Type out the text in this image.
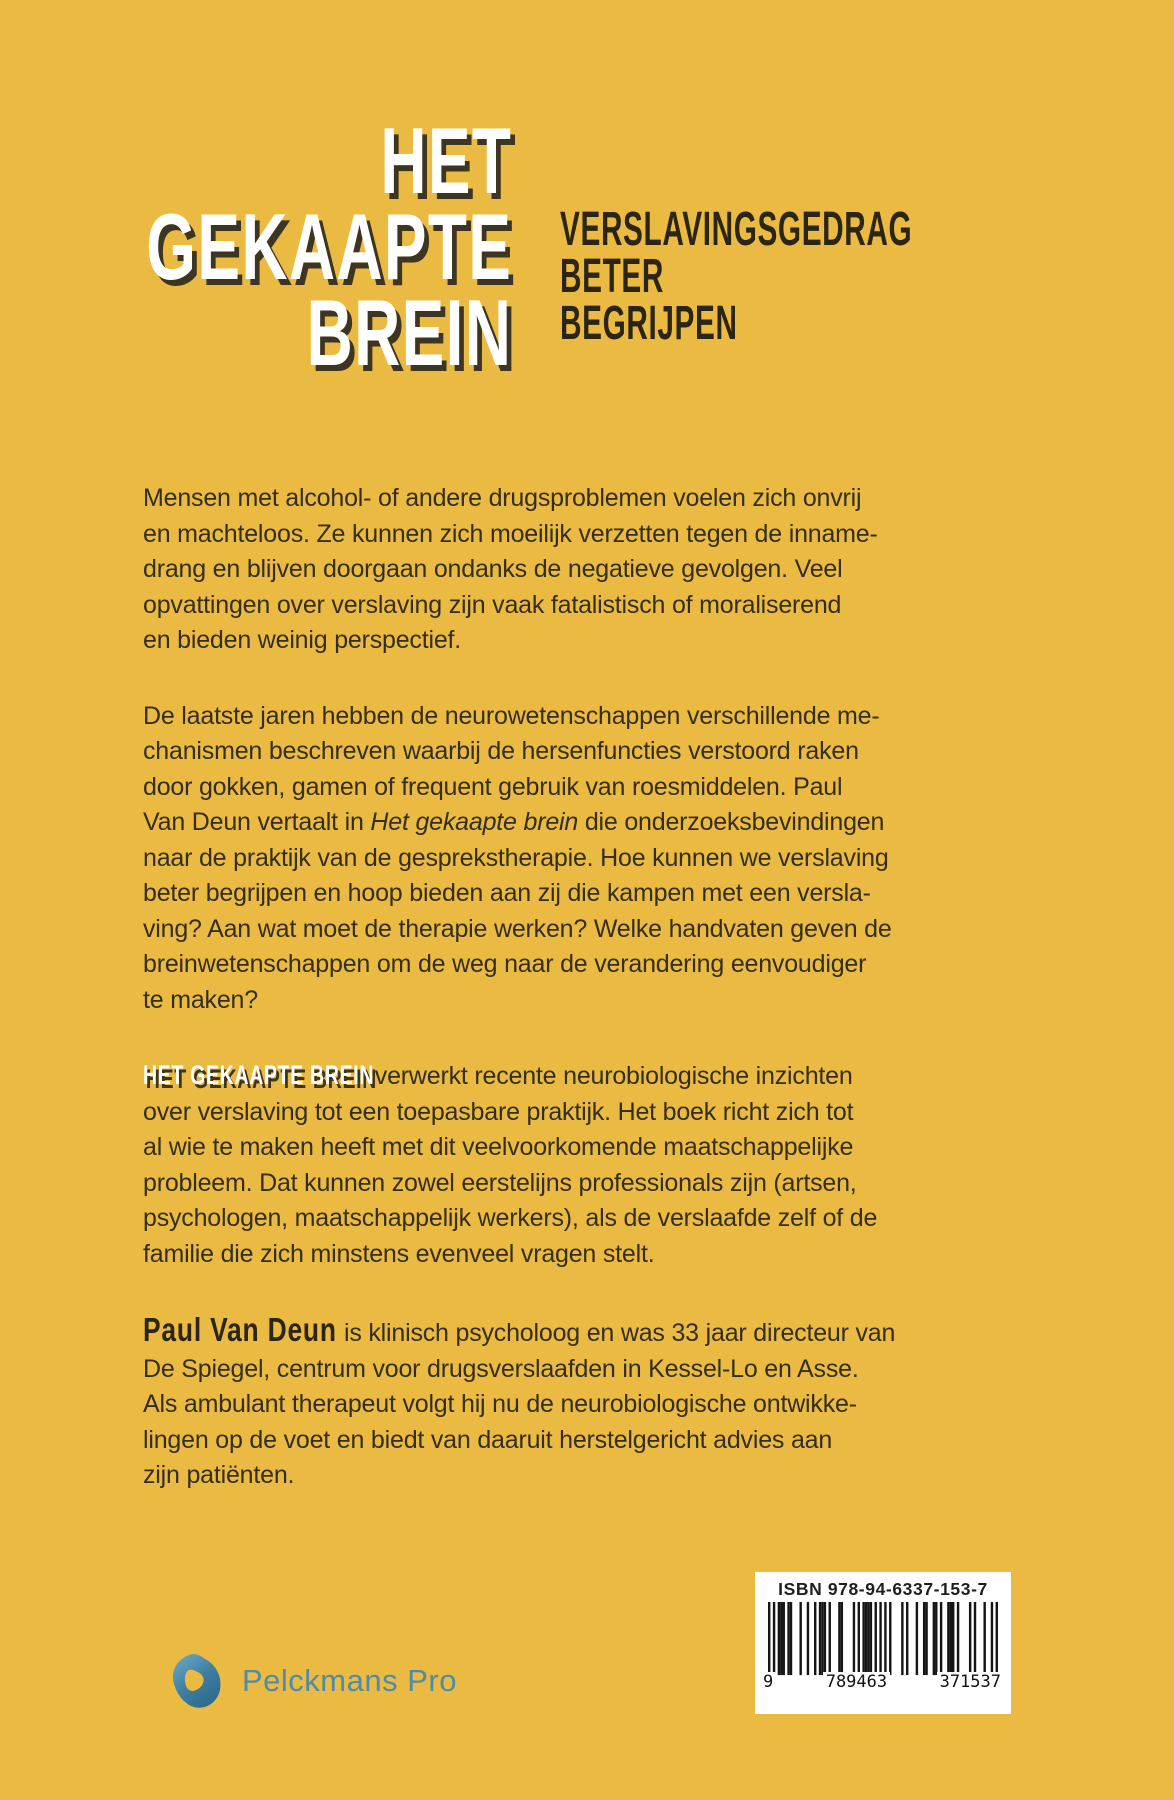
HET
GEKAAPTE
BREIN
VERSLAVINGSGEDRAG
BETER
BEGRIJPEN
Mensen met alcohol- of andere drugsproblemen voelen zich onvrij
en machteloos. Ze kunnen zich moeilijk verzetten tegen de inname-
drang en blijven doorgaan ondanks de negatieve gevolgen. Veel
opvattingen over verslaving zijn vaak fatalistisch of moraliserend
en bieden weinig perspectief.
De laatste jaren hebben de neurowetenschappen verschillende me-
chanismen beschreven waarbij de hersenfuncties verstoord raken
door gokken, gamen of frequent gebruik van roesmiddelen. Paul
Van Deun vertaalt in Het gekaapte brein die onderzoeksbevindingen
naar de praktijk van de gesprekstherapie. Hoe kunnen we verslaving
beter begrijpen en hoop bieden aan zij die kampen met een versla-
ving? Aan wat moet de therapie werken? Welke handvaten geven de
breinwetenschappen om de weg naar de verandering eenvoudiger
te maken?
HET GEKAAPTE BREIN verwerkt recente neurobiologische inzichten
over verslaving tot een toepasbare praktijk. Het boek richt zich tot
al wie te maken heeft met dit veelvoorkomende maatschappelijke
probleem. Dat kunnen zowel eerstelijns professionals zijn (artsen,
psychologen, maatschappelijk werkers), als de verslaafde zelf of de
familie die zich minstens evenveel vragen stelt.
Paul Van Deun is klinisch psycholoog en was 33 jaar directeur van
De Spiegel, centrum voor drugsverslaafden in Kessel-Lo en Asse.
Als ambulant therapeut volgt hij nu de neurobiologische ontwikke-
lingen op de voet en biedt van daaruit herstelgericht advies aan
zijn patiënten.
Pelckmans Pro
ISBN 978-94-6337-153-7
9	789463	371537
